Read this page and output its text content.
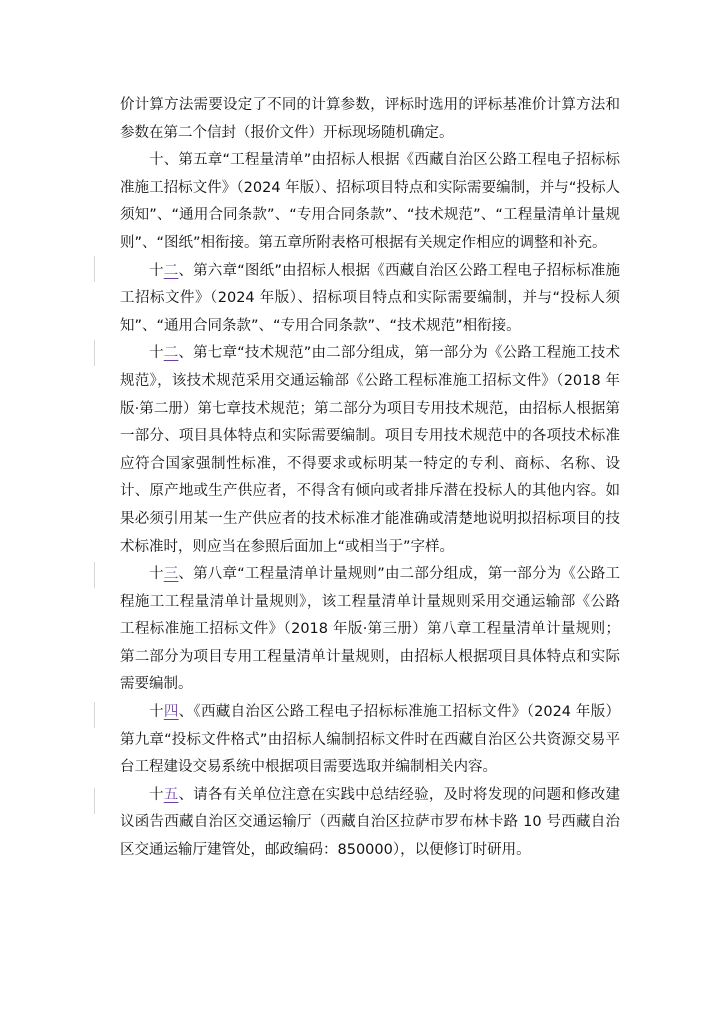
价计算方法需要设定了不同的计算参数，评标时选用的评标基准价计算方法和参数在第二个信封（报价文件）开标现场随机确定。

十、第五章“工程量清单”由招标人根据《西藏自治区公路工程电子招标标准施工招标文件》（2024 年版）、招标项目特点和实际需要编制，并与“投标人须知”、“通用合同条款”、“专用合同条款”、“技术规范”、“工程量清单计量规则”、“图纸”相衔接。第五章所附表格可根据有关规定作相应的调整和补充。

十二、第六章“图纸”由招标人根据《西藏自治区公路工程电子招标标准施工招标文件》（2024 年版）、招标项目特点和实际需要编制，并与“投标人须知”、“通用合同条款”、“专用合同条款”、“技术规范”相衔接。

十二、第七章“技术规范”由二部分组成，第一部分为《公路工程施工技术规范》，该技术规范采用交通运输部《公路工程标准施工招标文件》（2018 年版·第二册）第七章技术规范；第二部分为项目专用技术规范，由招标人根据第一部分、项目具体特点和实际需要编制。项目专用技术规范中的各项技术标准应符合国家强制性标准，不得要求或标明某一特定的专利、商标、名称、设计、原产地或生产供应者，不得含有倾向或者排斥潜在投标人的其他内容。如果必须引用某一生产供应者的技术标准才能准确或清楚地说明拟招标项目的技术标准时，则应当在参照后面加上“或相当于”字样。

十三、第八章“工程量清单计量规则”由二部分组成，第一部分为《公路工程施工工程量清单计量规则》，该工程量清单计量规则采用交通运输部《公路工程标准施工招标文件》（2018 年版·第三册）第八章工程量清单计量规则；第二部分为项目专用工程量清单计量规则，由招标人根据项目具体特点和实际需要编制。

十四、《西藏自治区公路工程电子招标标准施工招标文件》（2024 年版）第九章“投标文件格式”由招标人编制招标文件时在西藏自治区公共资源交易平台工程建设交易系统中根据项目需要选取并编制相关内容。

十五、请各有关单位注意在实践中总结经验，及时将发现的问题和修改建议函告西藏自治区交通运输厅（西藏自治区拉萨市罗布林卡路 10 号西藏自治区交通运输厅建管处，邮政编码：850000），以便修订时研用。
